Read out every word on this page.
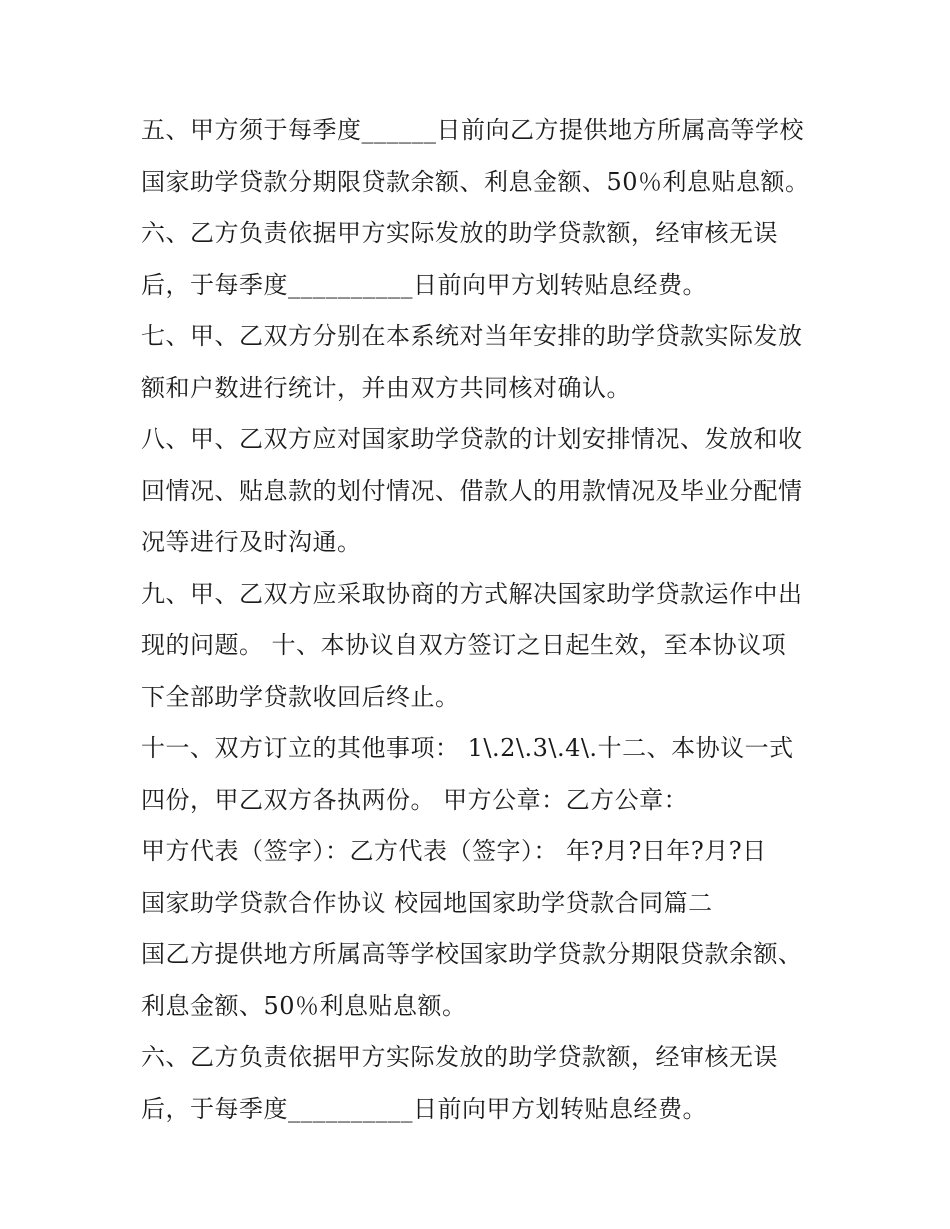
五、甲方须于每季度______日前向乙方提供地方所属高等学校
国家助学贷款分期限贷款余额、利息金额、50％利息贴息额。
六、乙方负责依据甲方实际发放的助学贷款额，经审核无误
后，于每季度__________日前向甲方划转贴息经费。
七、甲、乙双方分别在本系统对当年安排的助学贷款实际发放
额和户数进行统计，并由双方共同核对确认。
八、甲、乙双方应对国家助学贷款的计划安排情况、发放和收
回情况、贴息款的划付情况、借款人的用款情况及毕业分配情
况等进行及时沟通。
九、甲、乙双方应采取协商的方式解决国家助学贷款运作中出
现的问题。 十、本协议自双方签订之日起生效，至本协议项
下全部助学贷款收回后终止。
十一、双方订立的其他事项： 1\.2\.3\.4\.十二、本协议一式
四份，甲乙双方各执两份。 甲方公章：乙方公章：
甲方代表（签字）：乙方代表（签字）： 年?月?日年?月?日
国家助学贷款合作协议 校园地国家助学贷款合同篇二
国乙方提供地方所属高等学校国家助学贷款分期限贷款余额、
利息金额、50％利息贴息额。
六、乙方负责依据甲方实际发放的助学贷款额，经审核无误
后，于每季度__________日前向甲方划转贴息经费。
